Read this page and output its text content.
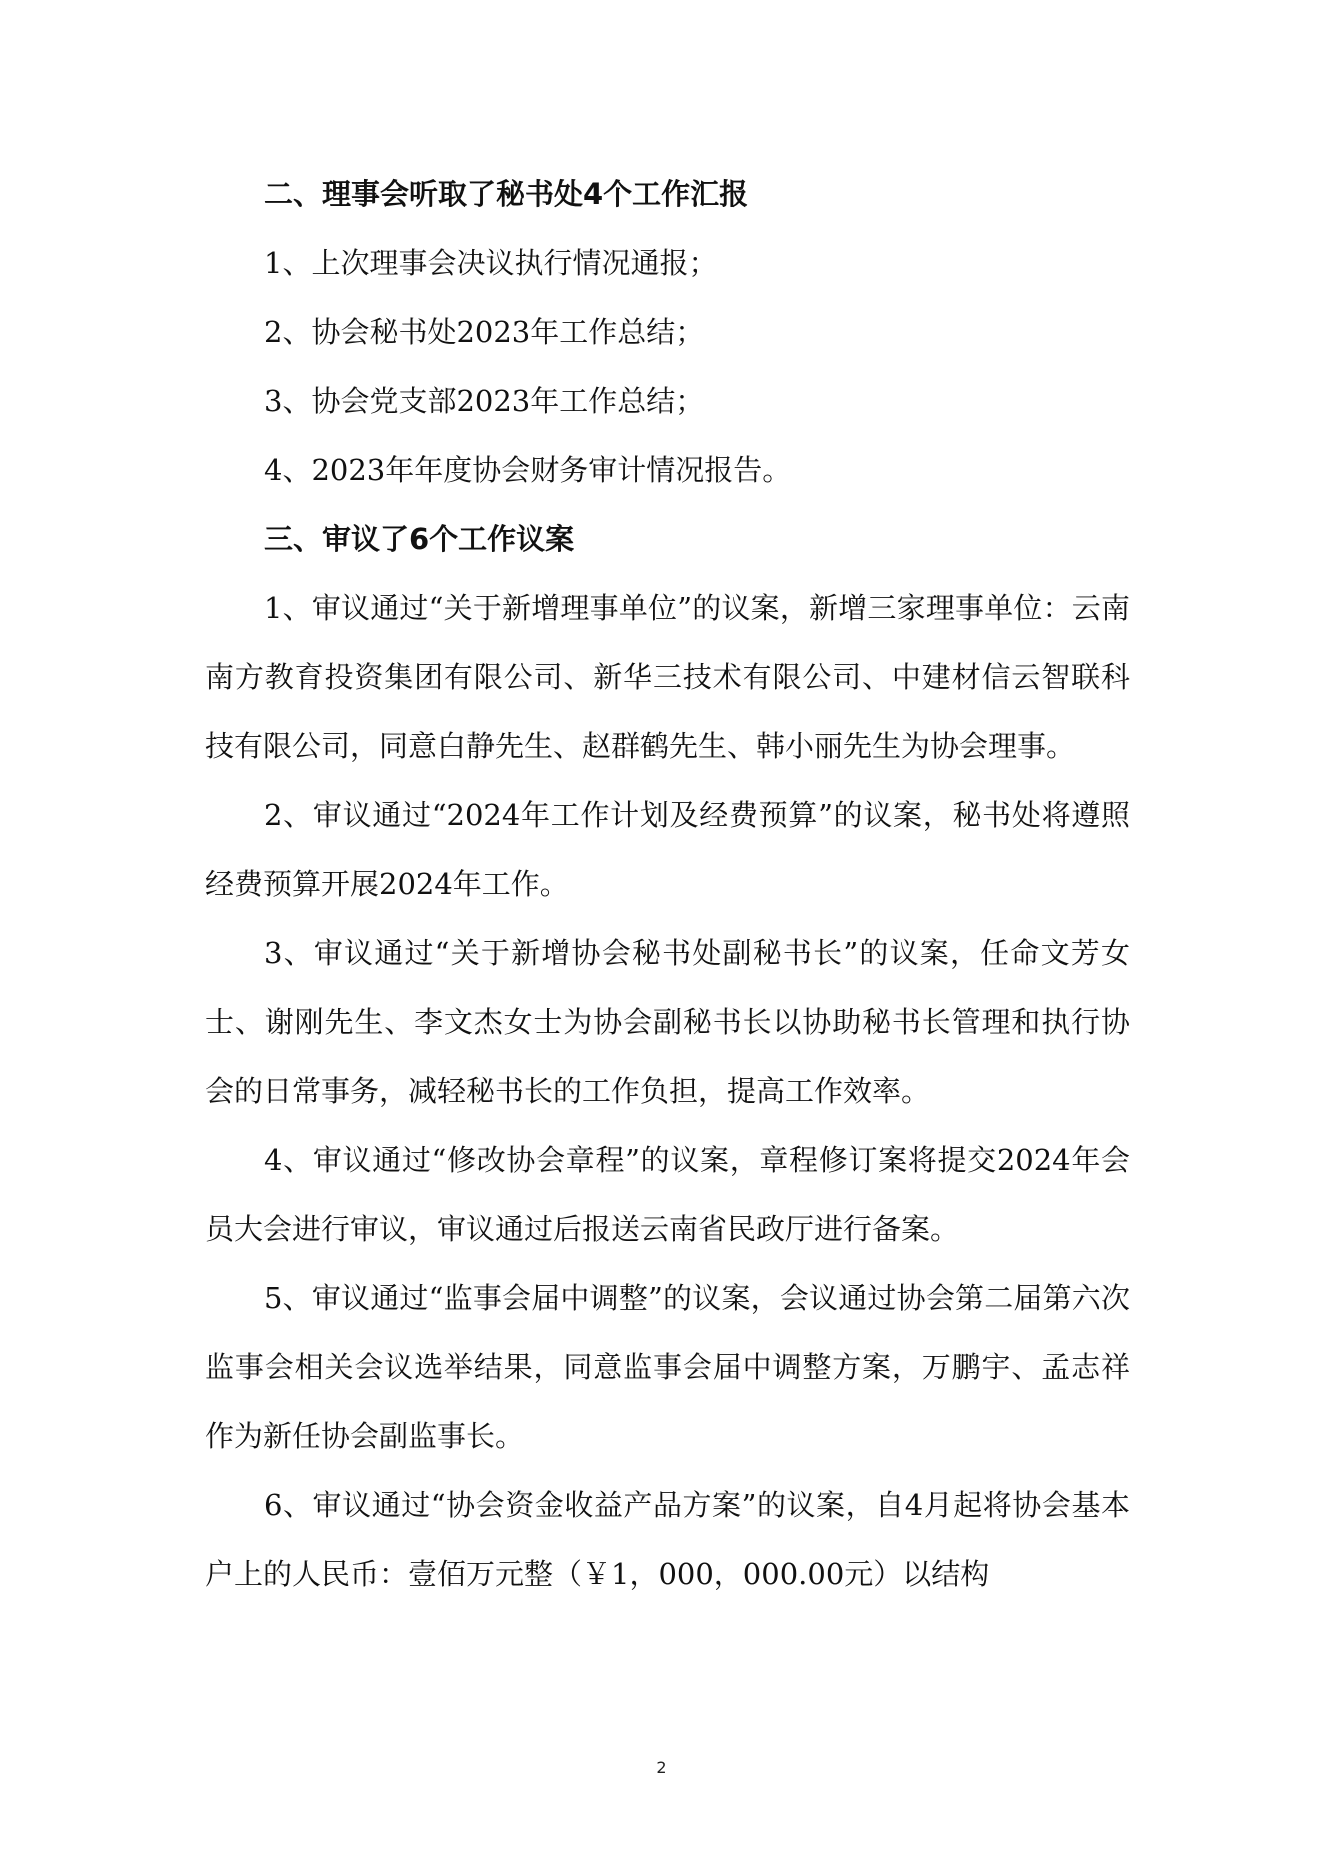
二、理事会听取了秘书处4个工作汇报

1、上次理事会决议执行情况通报；

2、协会秘书处2023年工作总结；

3、协会党支部2023年工作总结；

4、2023年年度协会财务审计情况报告。

三、审议了6个工作议案

1、审议通过“关于新增理事单位”的议案，新增三家理事单位：云南南方教育投资集团有限公司、新华三技术有限公司、中建材信云智联科技有限公司，同意白静先生、赵群鹤先生、韩小丽先生为协会理事。

2、审议通过“2024年工作计划及经费预算”的议案，秘书处将遵照经费预算开展2024年工作。

3、审议通过“关于新增协会秘书处副秘书长”的议案，任命文芳女士、谢刚先生、李文杰女士为协会副秘书长以协助秘书长管理和执行协会的日常事务，减轻秘书长的工作负担，提高工作效率。

4、审议通过“修改协会章程”的议案，章程修订案将提交2024年会员大会进行审议，审议通过后报送云南省民政厅进行备案。

5、审议通过“监事会届中调整”的议案，会议通过协会第二届第六次监事会相关会议选举结果，同意监事会届中调整方案，万鹏宇、孟志祥作为新任协会副监事长。

6、审议通过“协会资金收益产品方案”的议案，自4月起将协会基本户上的人民币：壹佰万元整（￥1，000，000.00元）以结构

2
